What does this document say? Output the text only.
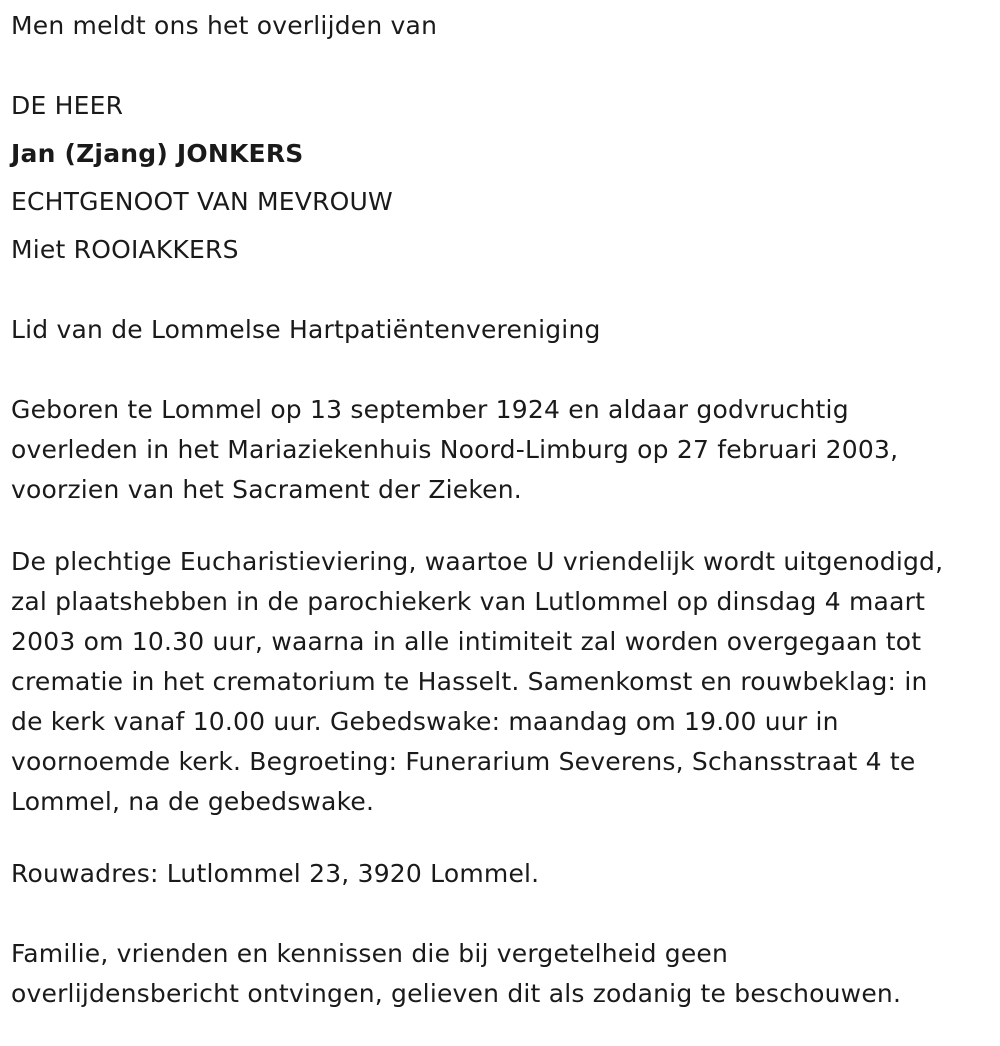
Men meldt ons het overlijden van
DE HEER
Jan (Zjang) JONKERS
ECHTGENOOT VAN MEVROUW
Miet ROOIAKKERS
Lid van de Lommelse Hartpatiëntenvereniging
Geboren te Lommel op 13 september 1924 en aldaar godvruchtig
overleden in het Mariaziekenhuis Noord-Limburg op 27 februari 2003,
voorzien van het Sacrament der Zieken.
De plechtige Eucharistieviering, waartoe U vriendelijk wordt uitgenodigd,
zal plaatshebben in de parochiekerk van Lutlommel op dinsdag 4 maart
2003 om 10.30 uur, waarna in alle intimiteit zal worden overgegaan tot
crematie in het crematorium te Hasselt. Samenkomst en rouwbeklag: in
de kerk vanaf 10.00 uur. Gebedswake: maandag om 19.00 uur in
voornoemde kerk. Begroeting: Funerarium Severens, Schansstraat 4 te
Lommel, na de gebedswake.
Rouwadres: Lutlommel 23, 3920 Lommel.
Familie, vrienden en kennissen die bij vergetelheid geen
overlijdensbericht ontvingen, gelieven dit als zodanig te beschouwen.
